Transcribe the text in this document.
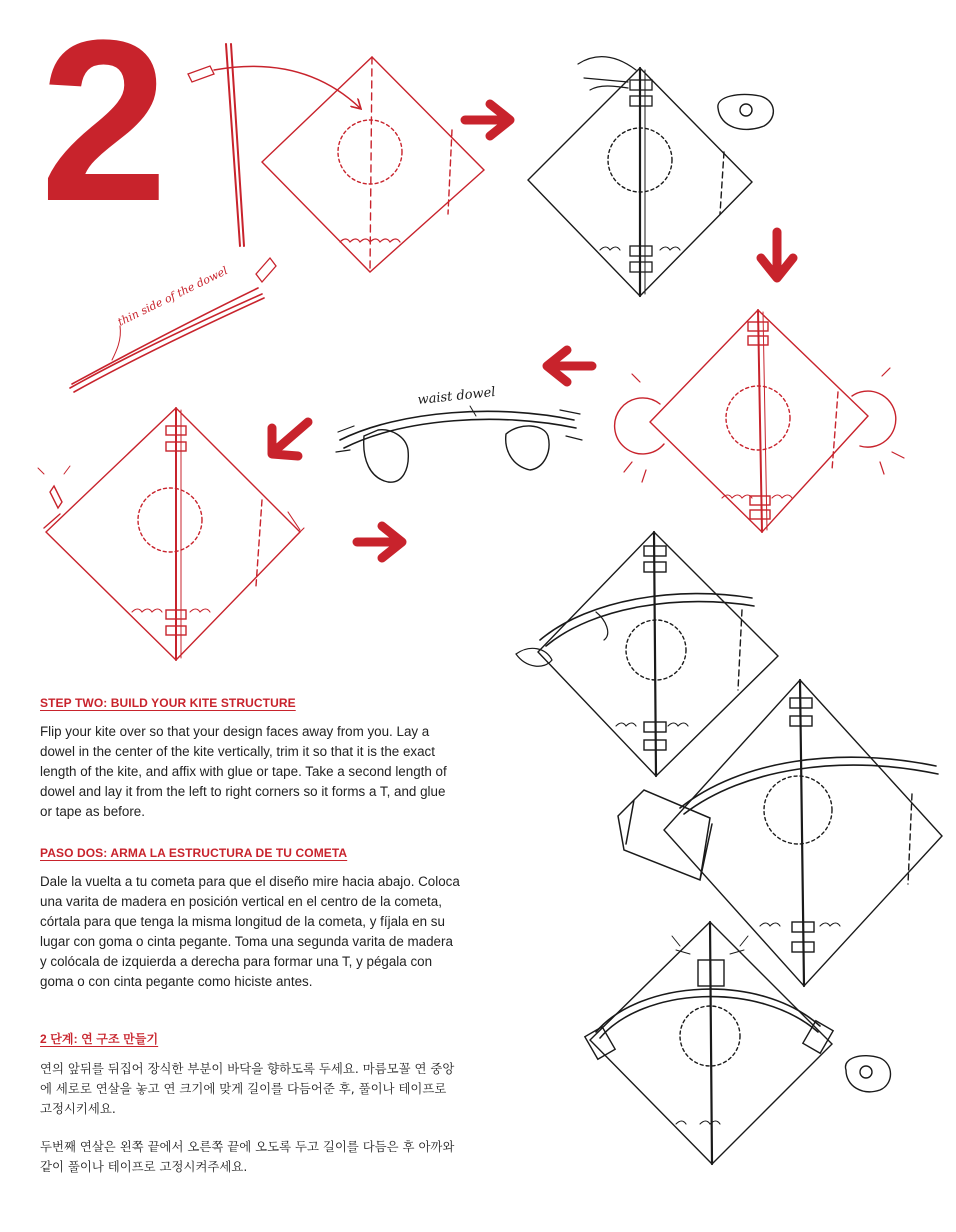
thin side of the dowel
waist dowel
2

STEP TWO: BUILD YOUR KITE STRUCTURE

Flip your kite over so that your design faces away from you. Lay a dowel in the center of the kite vertically, trim it so that it is the exact length of the kite, and affix with glue or tape. Take a second length of dowel and lay it from the left to right corners so it forms a T, and glue or tape as before.

PASO DOS: ARMA LA ESTRUCTURA DE TU COMETA

Dale la vuelta a tu cometa para que el diseño mire hacia abajo. Coloca una varita de madera en posición vertical en el centro de la cometa, córtala para que tenga la misma longitud de la cometa, y fíjala en su lugar con goma o cinta pegante. Toma una segunda varita de madera y colócala de izquierda a derecha para formar una T, y pégala con goma o con cinta pegante como hiciste antes.

2 단계: 연 구조 만들기

연의 앞뒤를 뒤집어 장식한 부분이 바닥을 향하도록 두세요. 마름모꼴 연 중앙에 세로로 연살을 놓고 연 크기에 맞게 길이를 다듬어준 후, 풀이나 테이프로 고정시키세요.

두번째 연살은 왼쪽 끝에서 오른쪽 끝에 오도록 두고 길이를 다듬은 후 아까와 같이 풀이나 테이프로 고정시켜주세요.
